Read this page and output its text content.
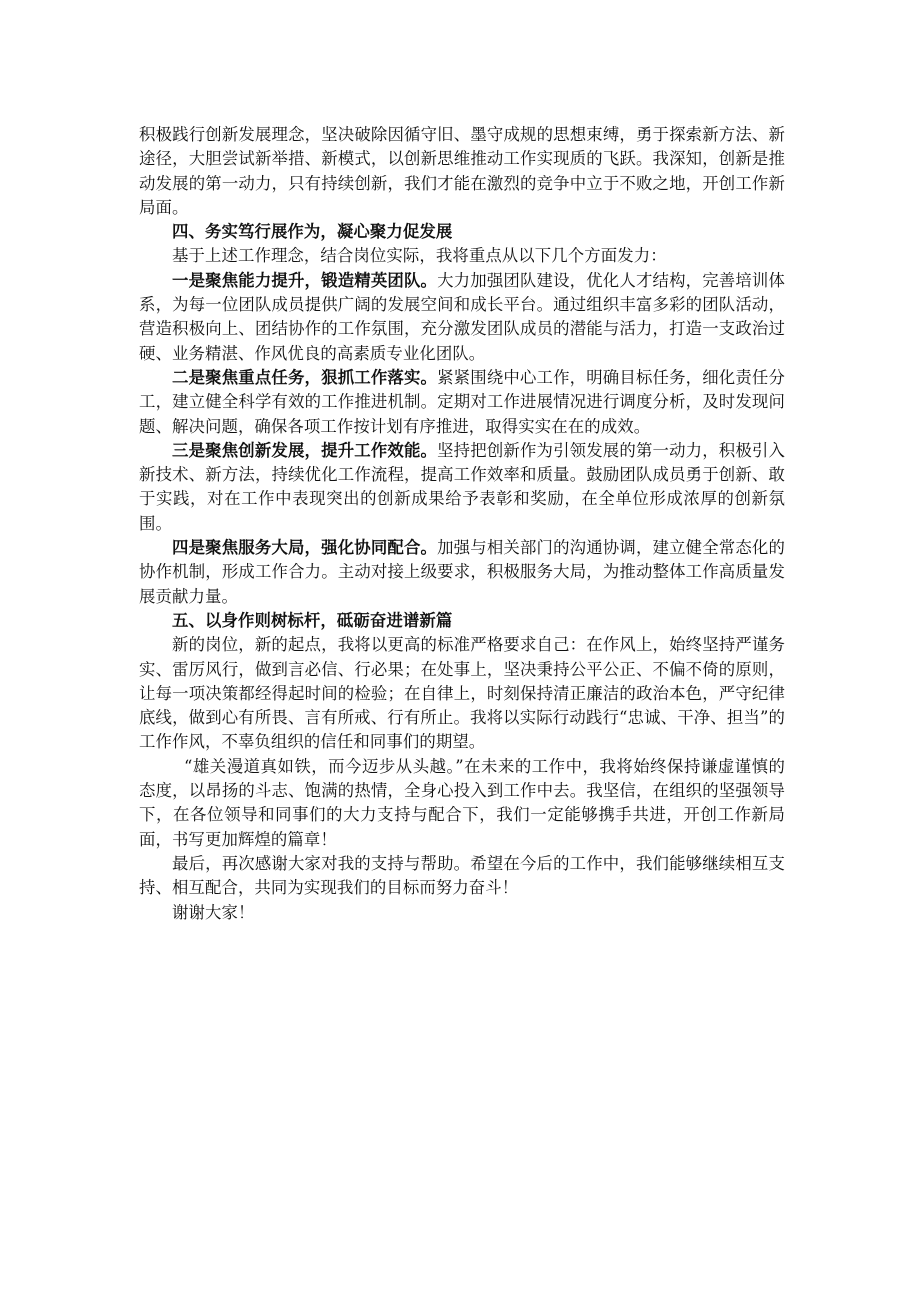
积极践行创新发展理念，坚决破除因循守旧、墨守成规的思想束缚，勇于探索新方法、新途径，大胆尝试新举措、新模式，以创新思维推动工作实现质的飞跃。我深知，创新是推动发展的第一动力，只有持续创新，我们才能在激烈的竞争中立于不败之地，开创工作新局面。

四、务实笃行展作为，凝心聚力促发展

基于上述工作理念，结合岗位实际，我将重点从以下几个方面发力：

一是聚焦能力提升，锻造精英团队。大力加强团队建设，优化人才结构，完善培训体系，为每一位团队成员提供广阔的发展空间和成长平台。通过组织丰富多彩的团队活动，营造积极向上、团结协作的工作氛围，充分激发团队成员的潜能与活力，打造一支政治过硬、业务精湛、作风优良的高素质专业化团队。

二是聚焦重点任务，狠抓工作落实。紧紧围绕中心工作，明确目标任务，细化责任分工，建立健全科学有效的工作推进机制。定期对工作进展情况进行调度分析，及时发现问题、解决问题，确保各项工作按计划有序推进，取得实实在在的成效。

三是聚焦创新发展，提升工作效能。坚持把创新作为引领发展的第一动力，积极引入新技术、新方法，持续优化工作流程，提高工作效率和质量。鼓励团队成员勇于创新、敢于实践，对在工作中表现突出的创新成果给予表彰和奖励，在全单位形成浓厚的创新氛围。

四是聚焦服务大局，强化协同配合。加强与相关部门的沟通协调，建立健全常态化的协作机制，形成工作合力。主动对接上级要求，积极服务大局，为推动整体工作高质量发展贡献力量。

五、以身作则树标杆，砥砺奋进谱新篇

新的岗位，新的起点，我将以更高的标准严格要求自己：在作风上，始终坚持严谨务实、雷厉风行，做到言必信、行必果；在处事上，坚决秉持公平公正、不偏不倚的原则，让每一项决策都经得起时间的检验；在自律上，时刻保持清正廉洁的政治本色，严守纪律底线，做到心有所畏、言有所戒、行有所止。我将以实际行动践行“忠诚、干净、担当”的工作作风，不辜负组织的信任和同事们的期望。

“雄关漫道真如铁，而今迈步从头越。”在未来的工作中，我将始终保持谦虚谨慎的态度，以昂扬的斗志、饱满的热情，全身心投入到工作中去。我坚信，在组织的坚强领导下，在各位领导和同事们的大力支持与配合下，我们一定能够携手共进，开创工作新局面，书写更加辉煌的篇章！

最后，再次感谢大家对我的支持与帮助。希望在今后的工作中，我们能够继续相互支持、相互配合，共同为实现我们的目标而努力奋斗！

谢谢大家！
